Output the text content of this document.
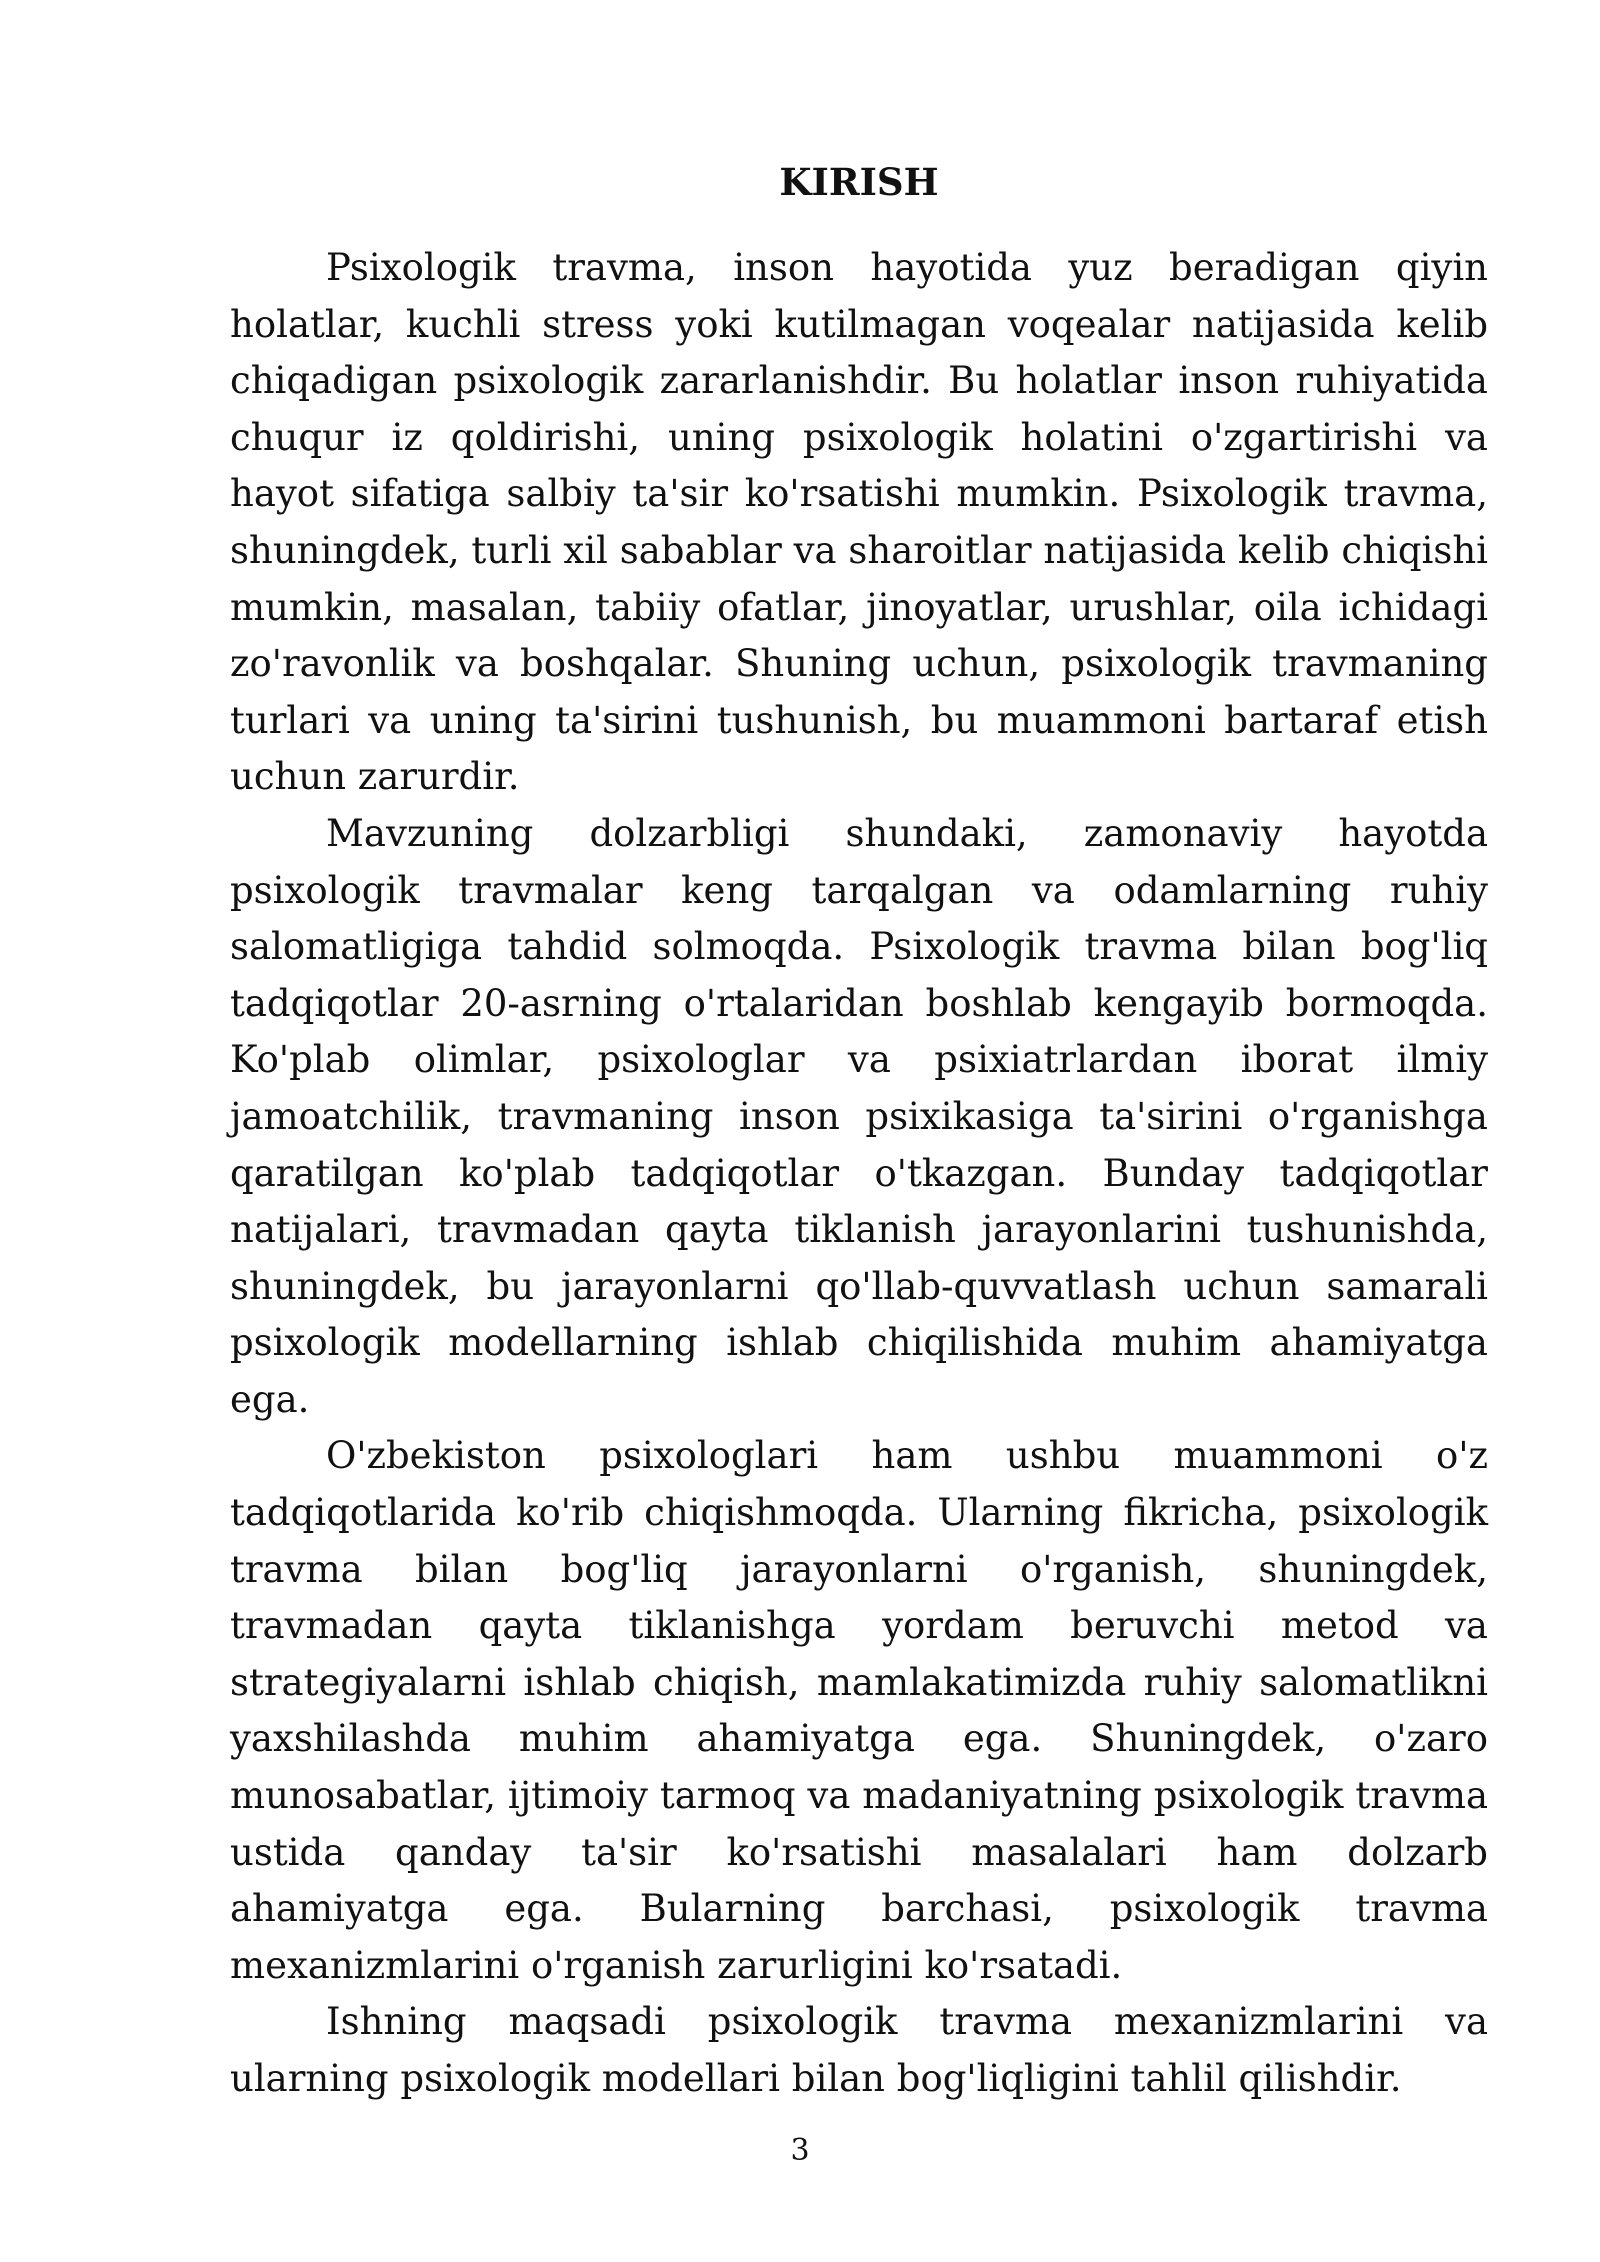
KIRISH

Psixologik travma, inson hayotida yuz beradigan qiyin holatlar, kuchli stress yoki kutilmagan voqealar natijasida kelib chiqadigan psixologik zararlanishdir. Bu holatlar inson ruhiyatida chuqur iz qoldirishi, uning psixologik holatini o'zgartirishi va hayot sifatiga salbiy ta'sir ko'rsatishi mumkin. Psixologik travma, shuningdek, turli xil sabablar va sharoitlar natijasida kelib chiqishi mumkin, masalan, tabiiy ofatlar, jinoyatlar, urushlar, oila ichidagi zo'ravonlik va boshqalar. Shuning uchun, psixologik travmaning turlari va uning ta'sirini tushunish, bu muammoni bartaraf etish uchun zarurdir.

Mavzuning dolzarbligi shundaki, zamonaviy hayotda psixologik travmalar keng tarqalgan va odamlarning ruhiy salomatligiga tahdid solmoqda. Psixologik travma bilan bog'liq tadqiqotlar 20-asrning o'rtalaridan boshlab kengayib bormoqda. Ko'plab olimlar, psixologlar va psixiatrlardan iborat ilmiy jamoatchilik, travmaning inson psixikasiga ta'sirini o'rganishga qaratilgan ko'plab tadqiqotlar o'tkazgan. Bunday tadqiqotlar natijalari, travmadan qayta tiklanish jarayonlarini tushunishda, shuningdek, bu jarayonlarni qo'llab-quvvatlash uchun samarali psixologik modellarning ishlab chiqilishida muhim ahamiyatga ega.

O'zbekiston psixologlari ham ushbu muammoni o'z tadqiqotlarida ko'rib chiqishmoqda. Ularning fikricha, psixologik travma bilan bog'liq jarayonlarni o'rganish, shuningdek, travmadan qayta tiklanishga yordam beruvchi metod va strategiyalarni ishlab chiqish, mamlakatimizda ruhiy salomatlikni yaxshilashda muhim ahamiyatga ega. Shuningdek, o'zaro munosabatlar, ijtimoiy tarmoq va madaniyatning psixologik travma ustida qanday ta'sir ko'rsatishi masalalari ham dolzarb ahamiyatga ega. Bularning barchasi, psixologik travma mexanizmlarini o'rganish zarurligini ko'rsatadi.

Ishning maqsadi psixologik travma mexanizmlarini va ularning psixologik modellari bilan bog'liqligini tahlil qilishdir.

3
